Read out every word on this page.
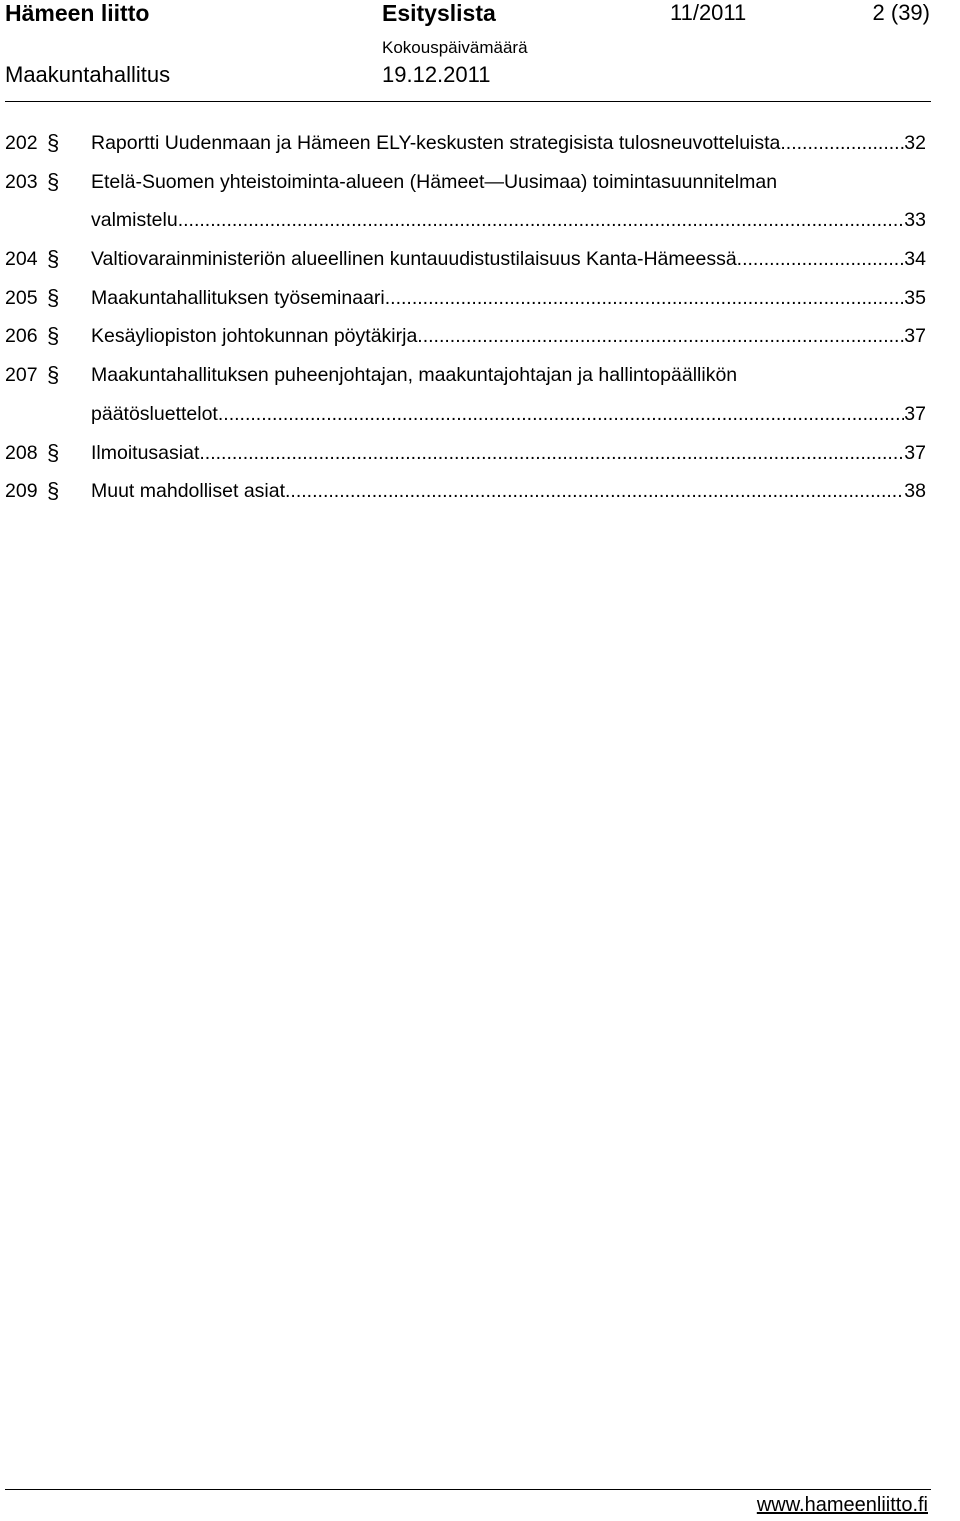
Hämeen liitto	Esityslista	11/2011	2 (39)
Kokouspäivämäärä
Maakuntahallitus	19.12.2011
202 § Raportti Uudenmaan ja Hämeen ELY-keskusten strategisista tulosneuvotteluista .....	32
203 § Etelä-Suomen yhteistoiminta-alueen (Hämeet—Uusimaa) toimintasuunnitelman
valmistelu .....	33
204 § Valtiovarainministeriön alueellinen kuntauudistustilaisuus Kanta-Hämeessä .....	34
205 § Maakuntahallituksen työseminaari .....	35
206 § Kesäyliopiston johtokunnan pöytäkirja .....	37
207 § Maakuntahallituksen puheenjohtajan, maakuntajohtajan ja hallintopäällikön
päätösluettelot .....	37
208 § Ilmoitusasiat .....	37
209 § Muut mahdolliset asiat .....	38
www.hameenliitto.fi
